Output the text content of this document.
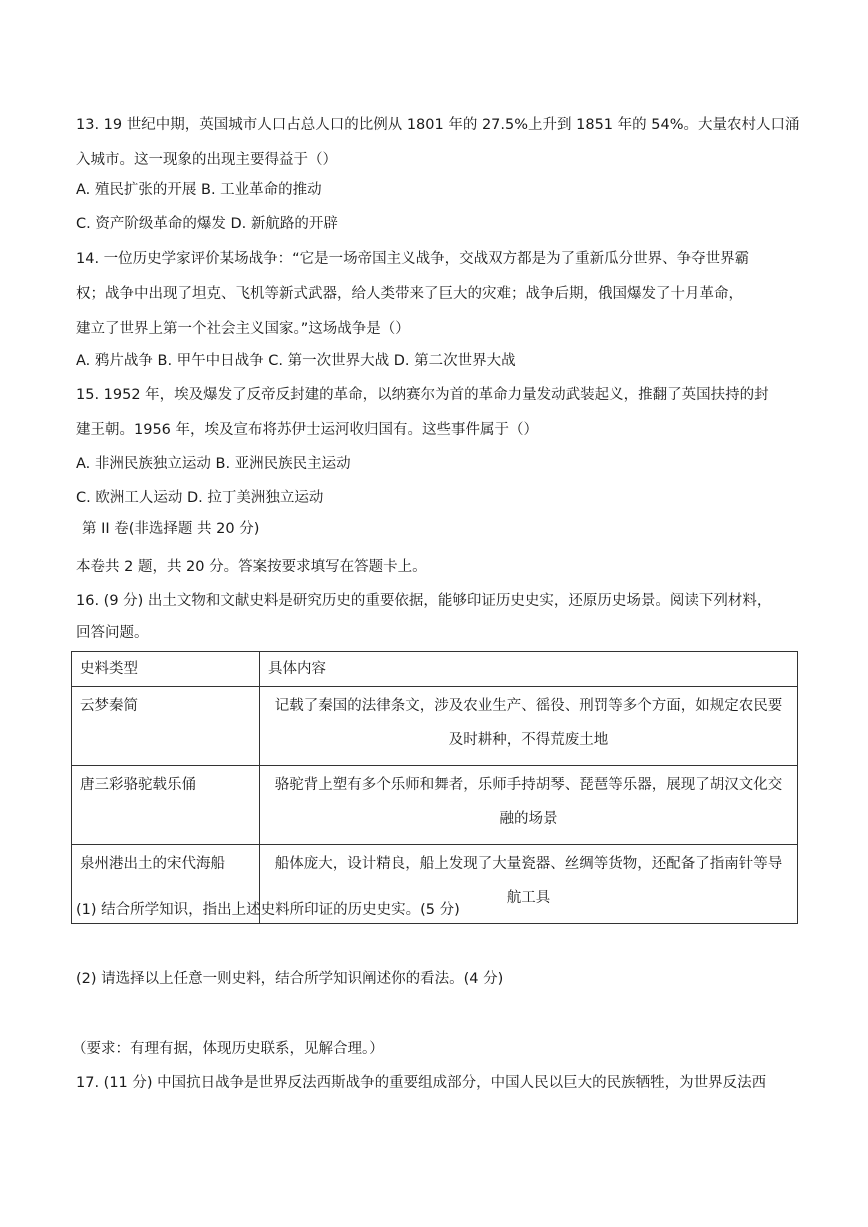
13. 19 世纪中期，英国城市人口占总人口的比例从 1801 年的 27.5%上升到 1851 年的 54%。大量农村人口涌
入城市。这一现象的出现主要得益于（）
A. 殖民扩张的开展 B. 工业革命的推动
C. 资产阶级革命的爆发 D. 新航路的开辟
14. 一位历史学家评价某场战争：“它是一场帝国主义战争，交战双方都是为了重新瓜分世界、争夺世界霸
权；战争中出现了坦克、飞机等新式武器，给人类带来了巨大的灾难；战争后期，俄国爆发了十月革命，
建立了世界上第一个社会主义国家。”这场战争是（）
A. 鸦片战争 B. 甲午中日战争 C. 第一次世界大战 D. 第二次世界大战
15. 1952 年，埃及爆发了反帝反封建的革命，以纳赛尔为首的革命力量发动武装起义，推翻了英国扶持的封
建王朝。1956 年，埃及宣布将苏伊士运河收归国有。这些事件属于（）
A. 非洲民族独立运动 B. 亚洲民族民主运动
C. 欧洲工人运动 D. 拉丁美洲独立运动
第 II 卷(非选择题 共 20 分)
本卷共 2 题，共 20 分。答案按要求填写在答题卡上。
16. (9 分) 出土文物和文献史料是研究历史的重要依据，能够印证历史史实，还原历史场景。阅读下列材料，
回答问题。
史料类型	具体内容
云梦秦简	记载了秦国的法律条文，涉及农业生产、徭役、刑罚等多个方面，如规定农民要
及时耕种，不得荒废土地

唐三彩骆驼载乐俑	骆驼背上塑有多个乐师和舞者，乐师手持胡琴、琵琶等乐器，展现了胡汉文化交
融的场景

泉州港出土的宋代海船	船体庞大，设计精良，船上发现了大量瓷器、丝绸等货物，还配备了指南针等导
航工具
(1) 结合所学知识，指出上述史料所印证的历史史实。(5 分)
(2) 请选择以上任意一则史料，结合所学知识阐述你的看法。(4 分)
（要求：有理有据，体现历史联系，见解合理。）
17. (11 分) 中国抗日战争是世界反法西斯战争的重要组成部分，中国人民以巨大的民族牺牲，为世界反法西
